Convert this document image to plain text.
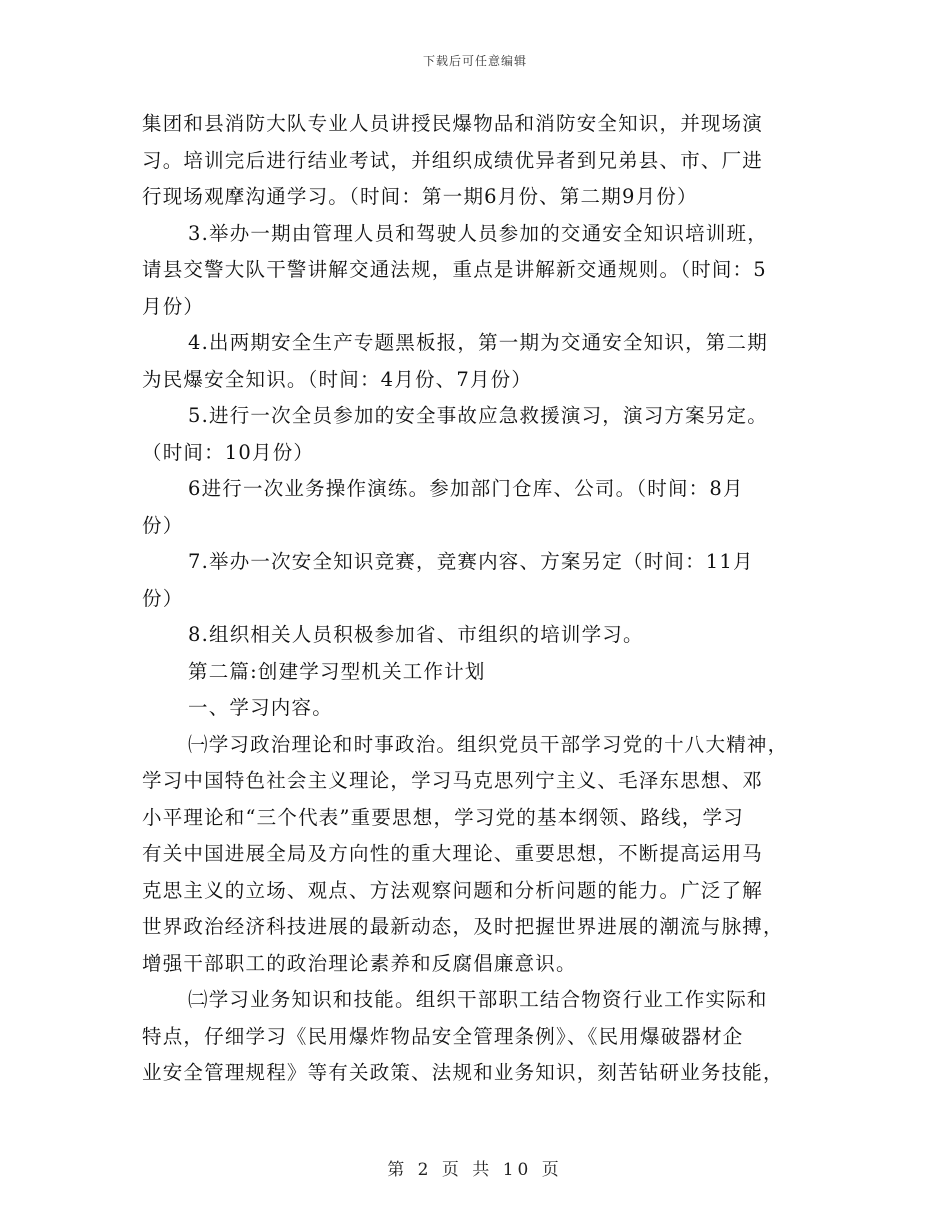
下载后可任意编辑
集团和县消防大队专业人员讲授民爆物品和消防安全知识，并现场演
习。培训完后进行结业考试，并组织成绩优异者到兄弟县、市、厂进
行现场观摩沟通学习。（时间：第一期6月份、第二期9月份）
3.举办一期由管理人员和驾驶人员参加的交通安全知识培训班，
请县交警大队干警讲解交通法规，重点是讲解新交通规则。（时间：5
月份）
4.出两期安全生产专题黑板报，第一期为交通安全知识，第二期
为民爆安全知识。（时间：4月份、7月份）
5.进行一次全员参加的安全事故应急救援演习，演习方案另定。
（时间：10月份）
6进行一次业务操作演练。参加部门仓库、公司。（时间：8月
份）
7.举办一次安全知识竞赛，竞赛内容、方案另定（时间：11月
份）
8.组织相关人员积极参加省、市组织的培训学习。
第二篇:创建学习型机关工作计划
一、学习内容。
㈠学习政治理论和时事政治。组织党员干部学习党的十八大精神，
学习中国特色社会主义理论，学习马克思列宁主义、毛泽东思想、邓
小平理论和“三个代表”重要思想，学习党的基本纲领、路线，学习
有关中国进展全局及方向性的重大理论、重要思想，不断提高运用马
克思主义的立场、观点、方法观察问题和分析问题的能力。广泛了解
世界政治经济科技进展的最新动态，及时把握世界进展的潮流与脉搏，
增强干部职工的政治理论素养和反腐倡廉意识。
㈡学习业务知识和技能。组织干部职工结合物资行业工作实际和
特点，仔细学习《民用爆炸物品安全管理条例》、《民用爆破器材企
业安全管理规程》等有关政策、法规和业务知识，刻苦钻研业务技能，
第 2 页 共 10 页
